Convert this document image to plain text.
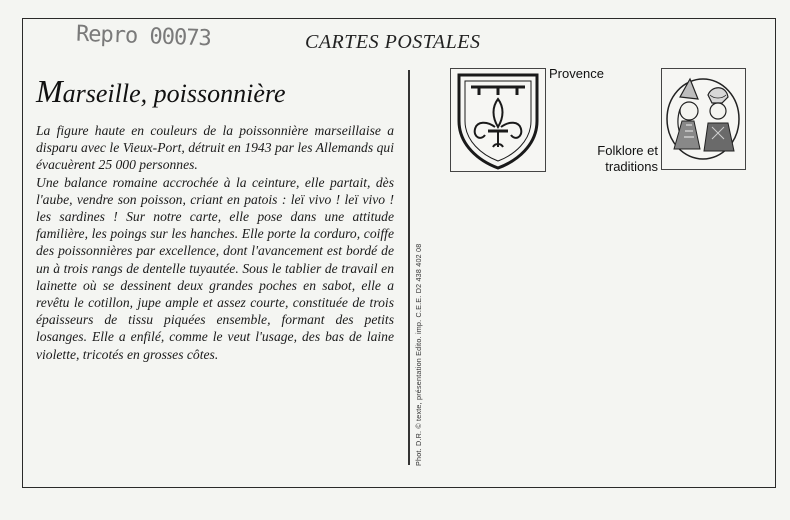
Repro 00073	CARTES POSTALES
Marseille, poissonnière

La figure haute en couleurs de la poissonnière marseillaise a disparu avec le Vieux-Port, détruit en 1943 par les Allemands qui évacuèrent 25 000 personnes.

Une balance romaine accrochée à la ceinture, elle partait, dès l'aube, vendre son poisson, criant en patois : leï vivo ! leï vivo ! les sardines ! Sur notre carte, elle pose dans une attitude familière, les poings sur les hanches. Elle porte la corduro, coiffe des poissonnières par excellence, dont l'avancement est bordé de un à trois rangs de dentelle tuyautée. Sous le tablier de travail en lainette où se dessinent deux grandes poches en sabot, elle a revêtu le cotillon, jupe ample et assez courte, constituée de trois épaisseurs de tissu piquées ensemble, formant des petits losanges. Elle a enfilé, comme le veut l'usage, des bas de laine violette, tricotés en grosses côtes.	Phot. D.R. © texte, présentation Edito. imp. C.E.E. D2 438 402 08
Provence
Folklore et traditions
